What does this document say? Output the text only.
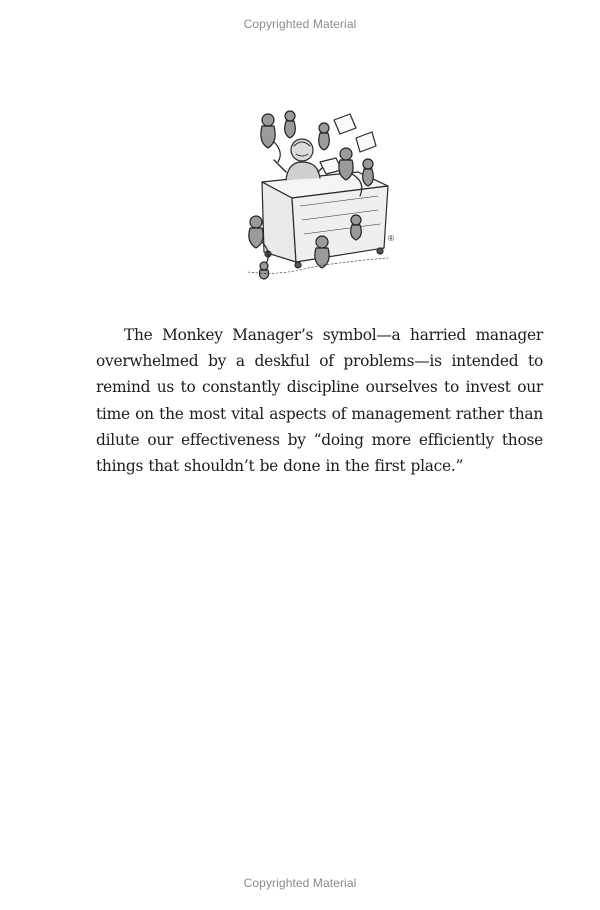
Copyrighted Material
®

The Monkey Manager’s symbol—a harried manager overwhelmed by a deskful of problems—is intended to remind us to constantly discipline ourselves to invest our time on the most vital aspects of management rather than dilute our effectiveness by “doing more efficiently those things that shouldn’t be done in the first place.”

Copyrighted Material
